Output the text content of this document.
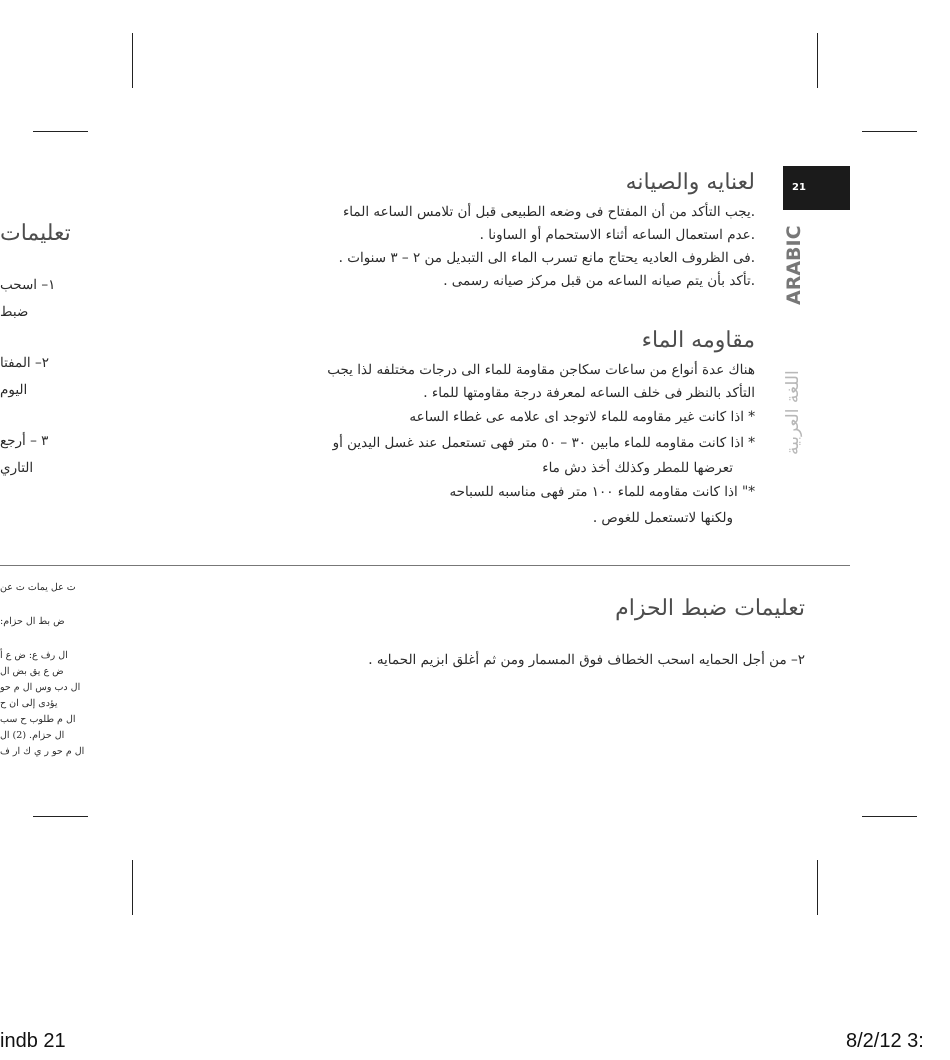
21
ARABIC
اللغة العربية
لعنايه والصيانه
.يجب التأكد من أن المفتاح فى وضعه الطبيعى قبل أن تلامس الساعه الماء
.عدم استعمال الساعه أثناء الاستحمام أو الساونا .
.فى الظروف العاديه يحتاج مانع تسرب الماء الى التبديل من ٢ – ٣ سنوات .
.تأكد بأن يتم صيانه الساعه من قبل مركز صيانه رسمى .
مقاومه الماء
هناك عدة أنواع من ساعات سكاجن مقاومة للماء الى درجات مختلفه لذا يجب
التأكد بالنظر فى خلف الساعه لمعرفة درجة مقاومتها للماء .
* اذا كانت غير مقاومه للماء لاتوجد اى علامه عى غطاء الساعه
* اذا كانت مقاومه للماء مابين ٣٠ – ٥٠ متر فهى تستعمل عند غسل اليدين أو
تعرضها للمطر وكذلك أخذ دش ماء
*" اذا كانت مقاومه للماء ١٠٠ متر فهى مناسبه للسباحه
ولكنها لاتستعمل للغوص .
تعليمات ضبط الحزام
٢– من أجل الحمايه اسحب الخطاف فوق المسمار ومن ثم أغلق ابزيم الحمايه .
تعليمات
١– اسحب
ضبط
٢– المفتا
اليوم
٣ – أرجع
التاري
ت عل يمات ت عن
ض بط ال حزام:
ال رف ع: ض ع أ
ض ع يق بض ال
ال دب وس ال م حو
يؤدى إلى ان ح
ال م طلوب ح سب
ال حزام. (2) ال
ال م حو ر ي ك ار ف
indb 21	8/2/12 3:
